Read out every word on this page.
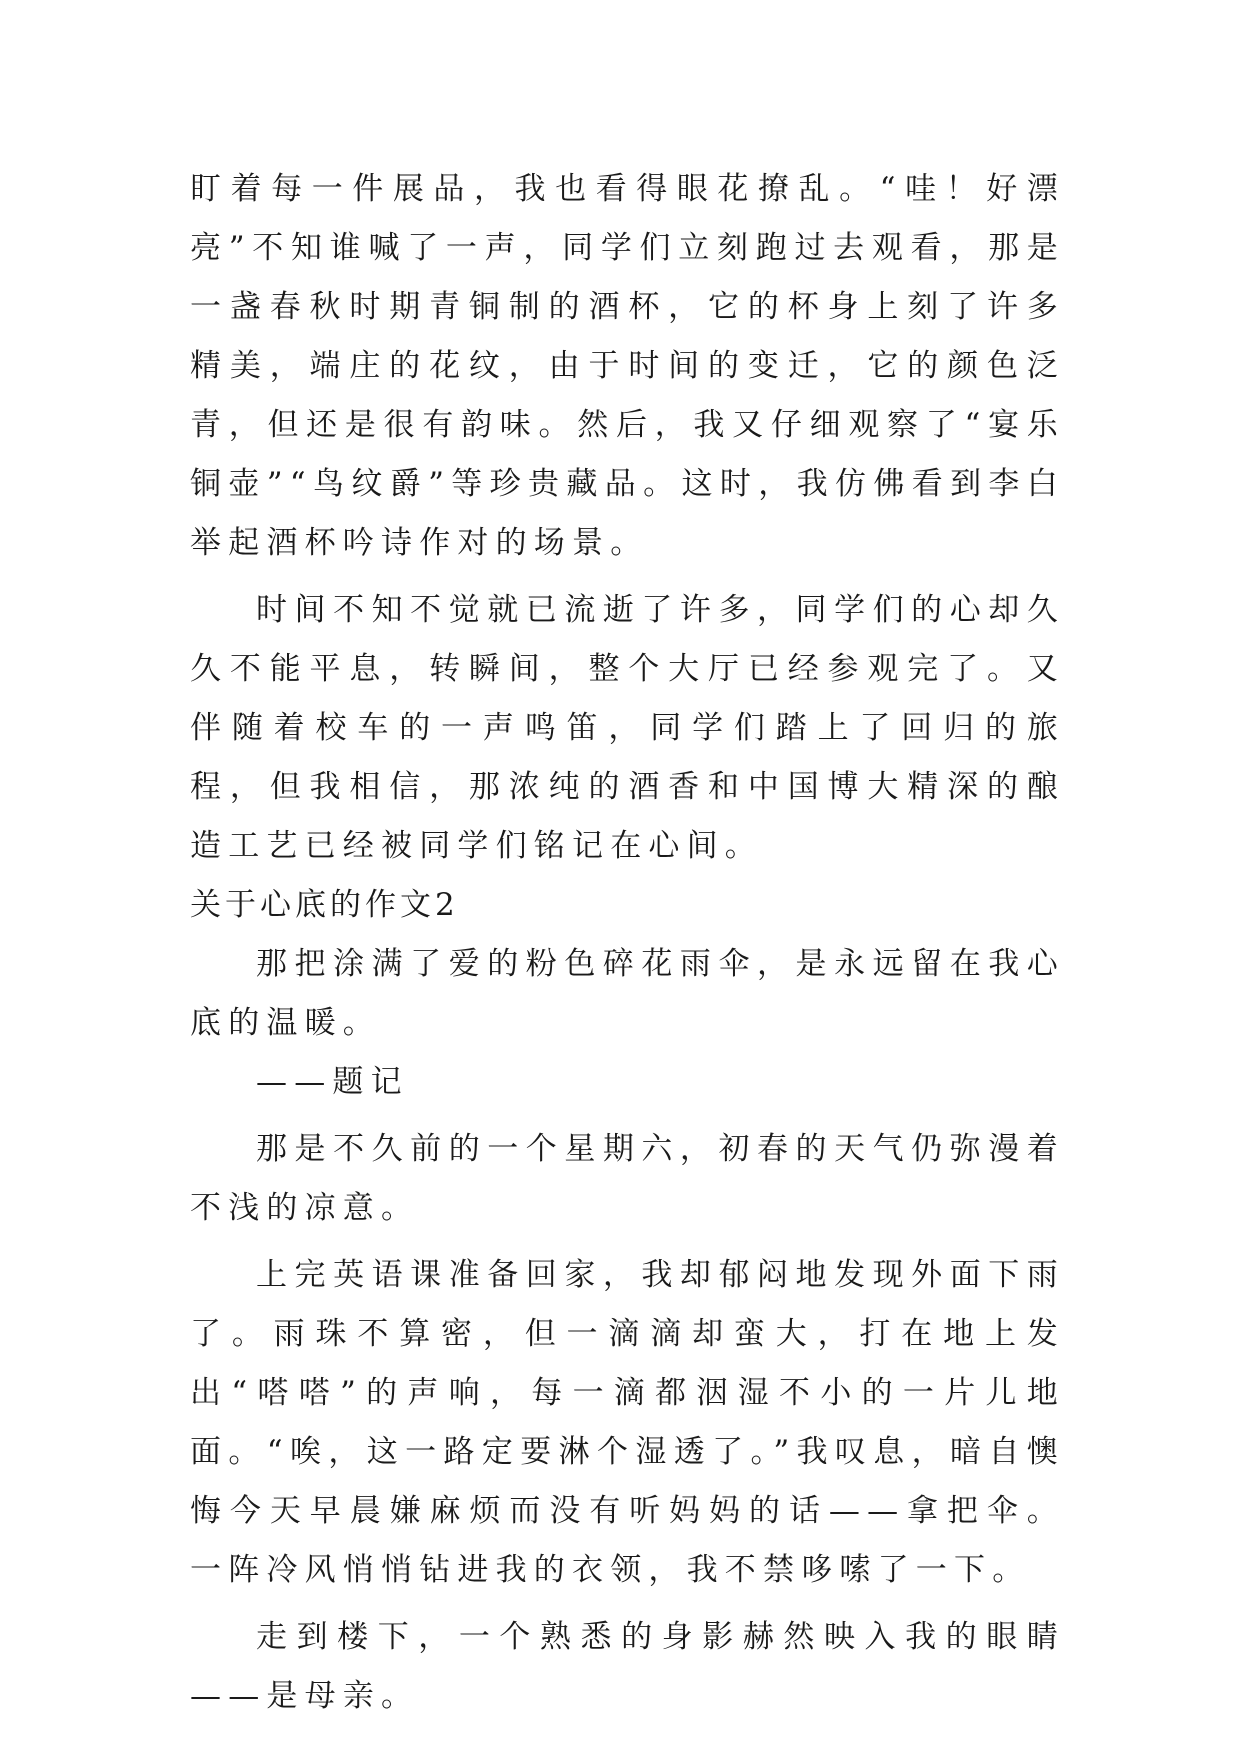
盯着每一件展品，我也看得眼花撩乱。“哇！好漂亮”不知谁喊了一声，同学们立刻跑过去观看，那是一盏春秋时期青铜制的酒杯，它的杯身上刻了许多精美，端庄的花纹，由于时间的变迁，它的颜色泛青，但还是很有韵味。然后，我又仔细观察了“宴乐铜壶”“鸟纹爵”等珍贵藏品。这时，我仿佛看到李白举起酒杯吟诗作对的场景。

时间不知不觉就已流逝了许多，同学们的心却久久不能平息，转瞬间，整个大厅已经参观完了。又伴随着校车的一声鸣笛，同学们踏上了回归的旅程，但我相信，那浓纯的酒香和中国博大精深的酿造工艺已经被同学们铭记在心间。

关于心底的作文2

那把涂满了爱的粉色碎花雨伞，是永远留在我心底的温暖。

——题记

那是不久前的一个星期六，初春的天气仍弥漫着不浅的凉意。

上完英语课准备回家，我却郁闷地发现外面下雨了。雨珠不算密，但一滴滴却蛮大，打在地上发出“嗒嗒”的声响，每一滴都洇湿不小的一片儿地面。“唉，这一路定要淋个湿透了。”我叹息，暗自懊悔今天早晨嫌麻烦而没有听妈妈的话——拿把伞。一阵冷风悄悄钻进我的衣领，我不禁哆嗦了一下。

走到楼下，一个熟悉的身影赫然映入我的眼睛——是母亲。
